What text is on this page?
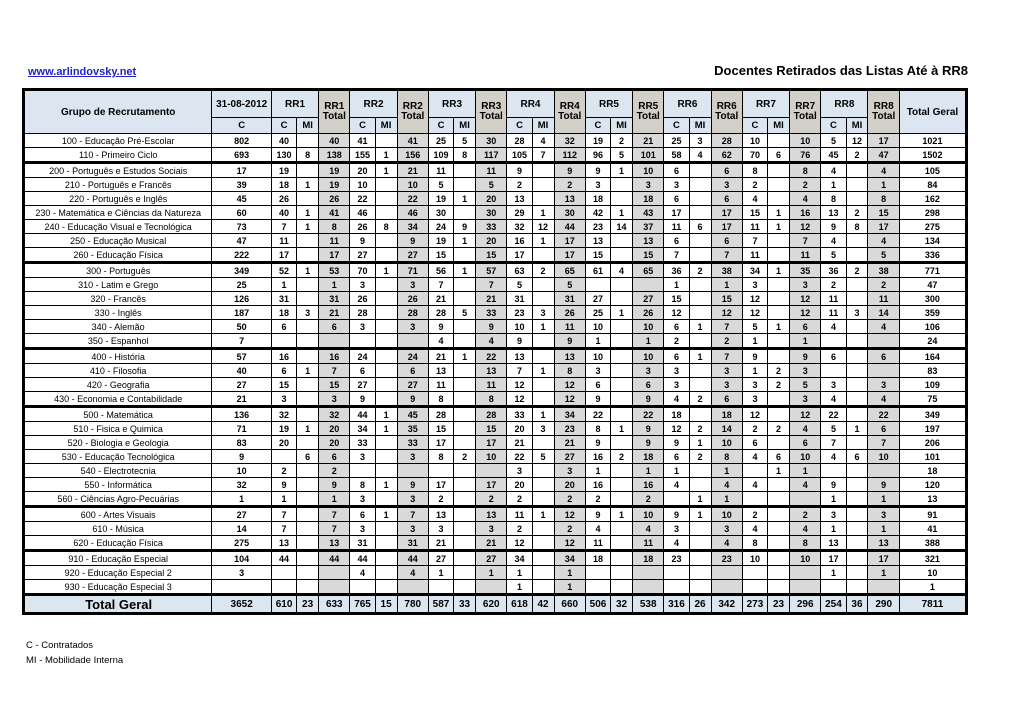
www.arlindovsky.net	Docentes Retirados das Listas Até à RR8
Grupo de Recrutamento	31-08-2012	RR1	RR1
Total
	RR2	RR2
Total
	RR3	RR3
Total
	RR4	RR4
Total
	RR5	RR5
Total
	RR6	RR6
Total
	RR7	RR7
Total
	RR8	RR8
Total	Total Geral
	C	C	MI		C	MI		C	MI		C	MI		C	MI		C	MI		C	MI		C	MI		
100 - Educação Pré-Escolar	802	40		40	41		41	25	5	30	28	4	32	19	2	21	25	3	28	10		10	5	12	17	1021
110 - Primeiro Ciclo	693	130	8	138	155	1	156	109	8	117	105	7	112	96	5	101	58	4	62	70	6	76	45	2	47	1502
200 - Português e Estudos Sociais	17	19		19	20	1	21	11		11	9		9	9	1	10	6		6	8		8	4		4	105
210 - Português e Francês	39	18	1	19	10		10	5		5	2		2	3		3	3		3	2		2	1		1	84
220 - Português e Inglês	45	26		26	22		22	19	1	20	13		13	18		18	6		6	4		4	8		8	162
230 - Matemática e Ciências da Natureza	60	40	1	41	46		46	30		30	29	1	30	42	1	43	17		17	15	1	16	13	2	15	298
240 - Educação Visual e Tecnológica	73	7	1	8	26	8	34	24	9	33	32	12	44	23	14	37	11	6	17	11	1	12	9	8	17	275
250 - Educação Musical	47	11		11	9		9	19	1	20	16	1	17	13		13	6		6	7		7	4		4	134
260 - Educação Física	222	17		17	27		27	15		15	17		17	15		15	7		7	11		11	5		5	336
300 - Português	349	52	1	53	70	1	71	56	1	57	63	2	65	61	4	65	36	2	38	34	1	35	36	2	38	771
310 - Latim e Grego	25	1		1	3		3	7		7	5		5				1		1	3		3	2		2	47
320 - Francês	126	31		31	26		26	21		21	31		31	27		27	15		15	12		12	11		11	300
330 - Inglês	187	18	3	21	28		28	28	5	33	23	3	26	25	1	26	12		12	12		12	11	3	14	359
340 - Alemão	50	6		6	3		3	9		9	10	1	11	10		10	6	1	7	5	1	6	4		4	106
350 - Espanhol	7							4		4	9		9	1		1	2		2	1		1				24
400 - História	57	16		16	24		24	21	1	22	13		13	10		10	6	1	7	9		9	6		6	164
410 - Filosofia	40	6	1	7	6		6	13		13	7	1	8	3		3	3		3	1	2	3				83
420 - Geografia	27	15		15	27		27	11		11	12		12	6		6	3		3	3	2	5	3		3	109
430 - Economia e Contabilidade	21	3		3	9		9	8		8	12		12	9		9	4	2	6	3		3	4		4	75
500 - Matemática	136	32		32	44	1	45	28		28	33	1	34	22		22	18		18	12		12	22		22	349
510 - Fisica e Quimica	71	19	1	20	34	1	35	15		15	20	3	23	8	1	9	12	2	14	2	2	4	5	1	6	197
520 - Biologia e Geologia	83	20		20	33		33	17		17	21		21	9		9	9	1	10	6		6	7		7	206
530 - Educação Tecnológica	9		6	6	3		3	8	2	10	22	5	27	16	2	18	6	2	8	4	6	10	4	6	10	101
540 - Electrotecnia	10	2		2							3		3	1		1	1		1		1	1				18
550 - Informática	32	9		9	8	1	9	17		17	20		20	16		16	4		4	4		4	9		9	120
560 - Ciências Agro-Pecuárias	1	1		1	3		3	2		2	2		2	2		2		1	1				1		1	13
600 - Artes Visuais	27	7		7	6	1	7	13		13	11	1	12	9	1	10	9	1	10	2		2	3		3	91
610 - Música	14	7		7	3		3	3		3	2		2	4		4	3		3	4		4	1		1	41
620 - Educação Física	275	13		13	31		31	21		21	12		12	11		11	4		4	8		8	13		13	388
910 - Educação Especial	104	44		44	44		44	27		27	34		34	18		18	23		23	10		10	17		17	321
920 - Educação Especial 2	3				4		4	1		1	1		1										1		1	10
930 - Educação Especial 3											1		1													1
Total Geral	3652	610	23	633	765	15	780	587	33	620	618	42	660	506	32	538	316	26	342	273	23	296	254	36	290	7811
C - Contratados
MI - Mobilidade Interna
